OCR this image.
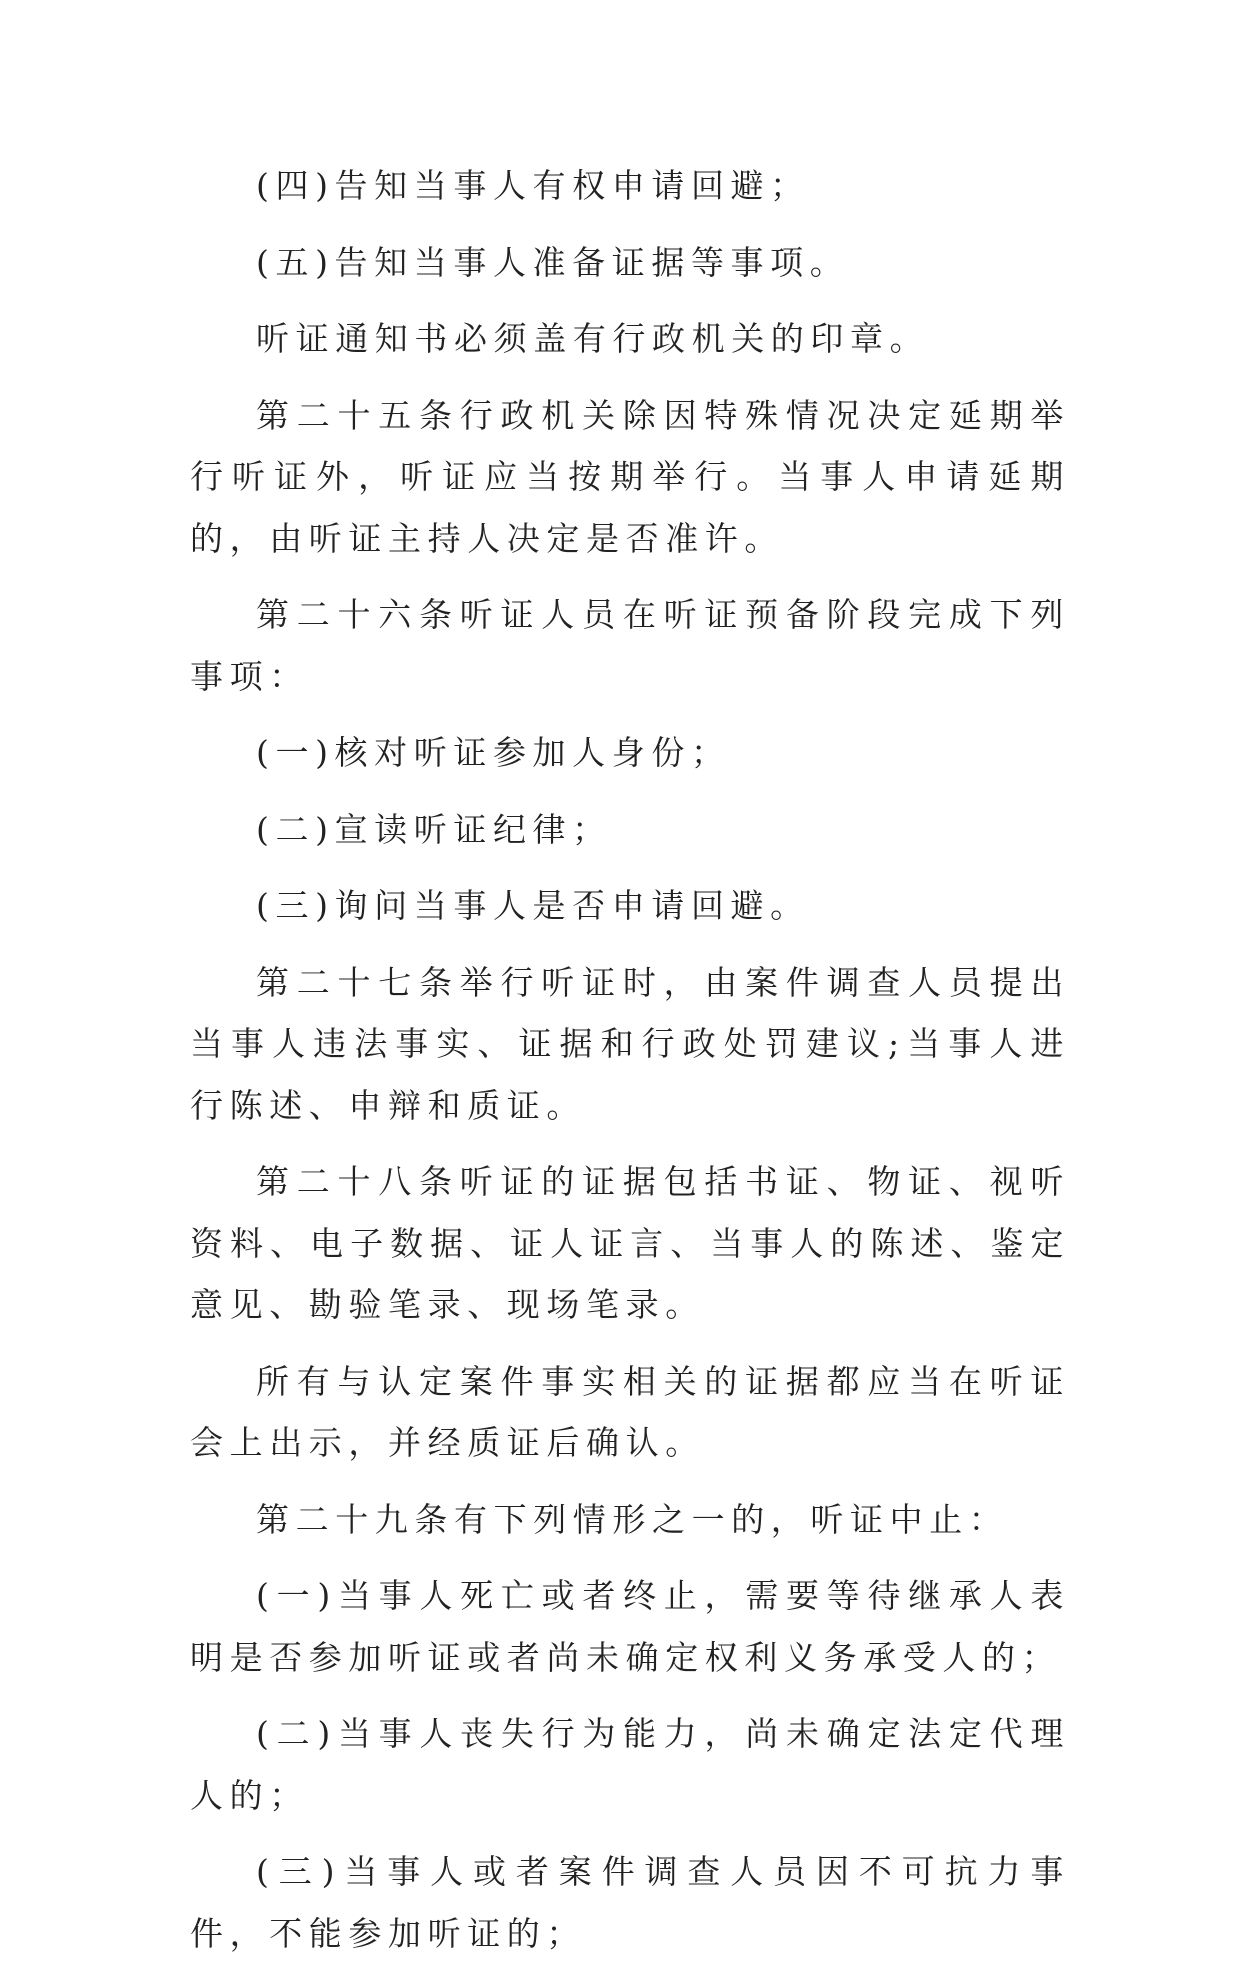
(四)告知当事人有权申请回避；

(五)告知当事人准备证据等事项。

听证通知书必须盖有行政机关的印章。

第二十五条行政机关除因特殊情况决定延期举行听证外，听证应当按期举行。当事人申请延期的，由听证主持人决定是否准许。

第二十六条听证人员在听证预备阶段完成下列事项：

(一)核对听证参加人身份；

(二)宣读听证纪律；

(三)询问当事人是否申请回避。

第二十七条举行听证时，由案件调查人员提出当事人违法事实、证据和行政处罚建议;当事人进行陈述、申辩和质证。

第二十八条听证的证据包括书证、物证、视听资料、电子数据、证人证言、当事人的陈述、鉴定意见、勘验笔录、现场笔录。

所有与认定案件事实相关的证据都应当在听证会上出示，并经质证后确认。

第二十九条有下列情形之一的，听证中止：

(一)当事人死亡或者终止，需要等待继承人表明是否参加听证或者尚未确定权利义务承受人的；

(二)当事人丧失行为能力，尚未确定法定代理人的；

(三)当事人或者案件调查人员因不可抗力事件，不能参加听证的；
